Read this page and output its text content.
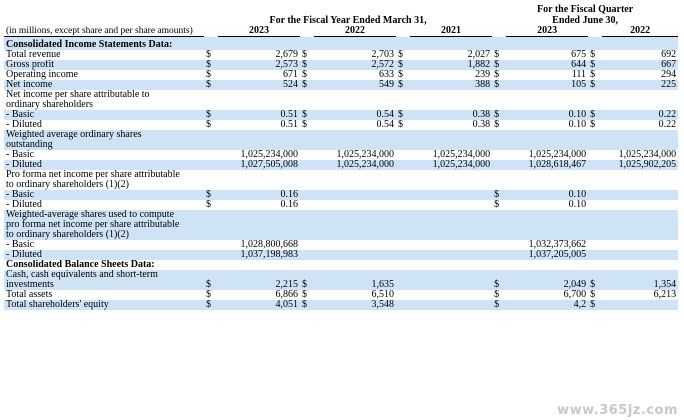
	For the Fiscal Year Ended March 31,						For the Fiscal Quarter Ended June 30,			
(in millions, except share and per share amounts)		2023		2022		2021		2023		2022
Consolidated Income Statements Data:										
Total revenue	$	2,679	$	2,703	$	2,027	$	675	$	692
Gross profit	$	2,573	$	2,572	$	1,882	$	644	$	667
Operating income	$	671	$	633	$	239	$	111	$	294
Net income	$	524	$	549	$	388	$	105	$	225
Net income per share attributable to ordinary shareholders										
- Basic	$	0.51	$	0.54	$	0.38	$	0.10	$	0.22
- Diluted	$	0.51	$	0.54	$	0.38	$	0.10	$	0.22
Weighted average ordinary shares outstanding										
- Basic		1,025,234,000		1,025,234,000		1,025,234,000		1,025,234,000		1,025,234,000
- Diluted		1,027,505,008		1,025,234,000		1,025,234,000		1,028,618,467		1,025,902,205
Pro forma net income per share attributable to ordinary shareholders (1)(2)										
- Basic	$	0.16					$	0.10		
- Diluted	$	0.16					$	0.10		
Weighted-average shares used to compute pro forma net income per share attributable to ordinary shareholders (1)(2)										
- Basic		1,028,800,668						1,032,373,662		
- Diluted		1,037,198,983						1,037,205,005		
Consolidated Balance Sheets Data:										
Cash, cash equivalents and short-term investments	$	2,215	$	1,635			$	2,049	$	1,354
Total assets	$	6,866	$	6,510			$	6,700	$	6,213
Total shareholders' equity	$	4,051	$	3,548			$	4,2	$	
www.365jz.com
